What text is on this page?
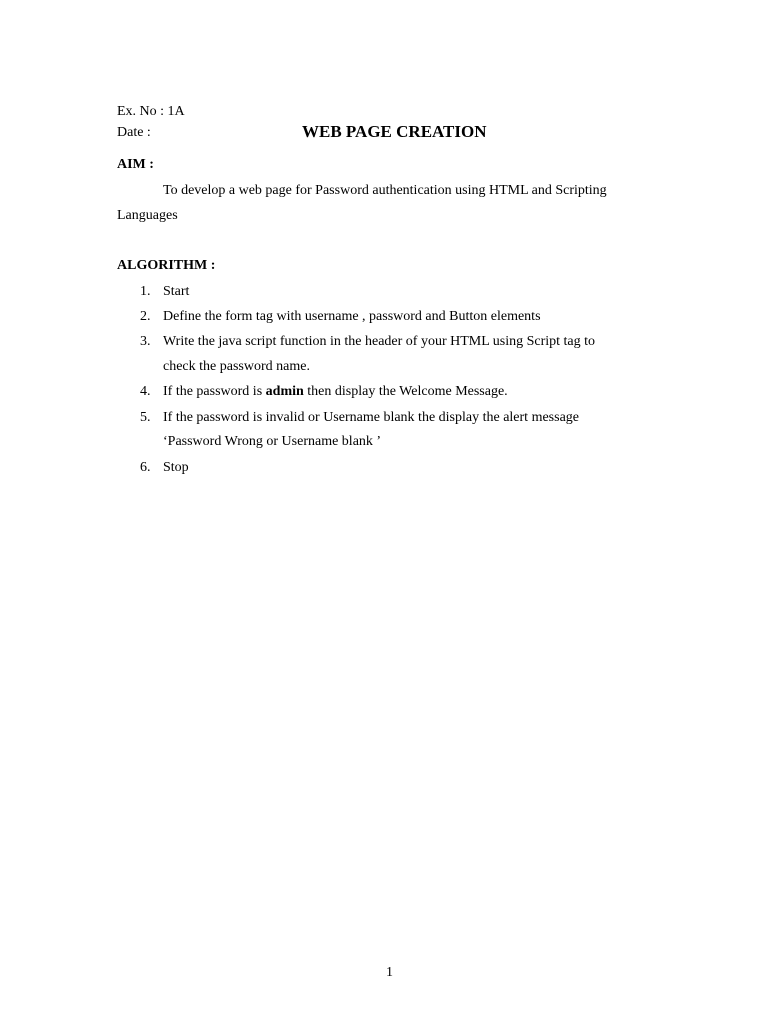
Ex. No : 1A
Date :	WEB PAGE CREATION
AIM :
To develop a web page for Password authentication using HTML and Scripting
Languages
ALGORITHM :
1. Start
2. Define the form tag with username , password and Button elements
3. Write the java script function in the header of your HTML using Script tag to
check the password name.
4. If the password is admin then display the Welcome Message.
5. If the password is invalid or Username blank the display the alert message
‘Password Wrong or Username blank ’
6. Stop
1
